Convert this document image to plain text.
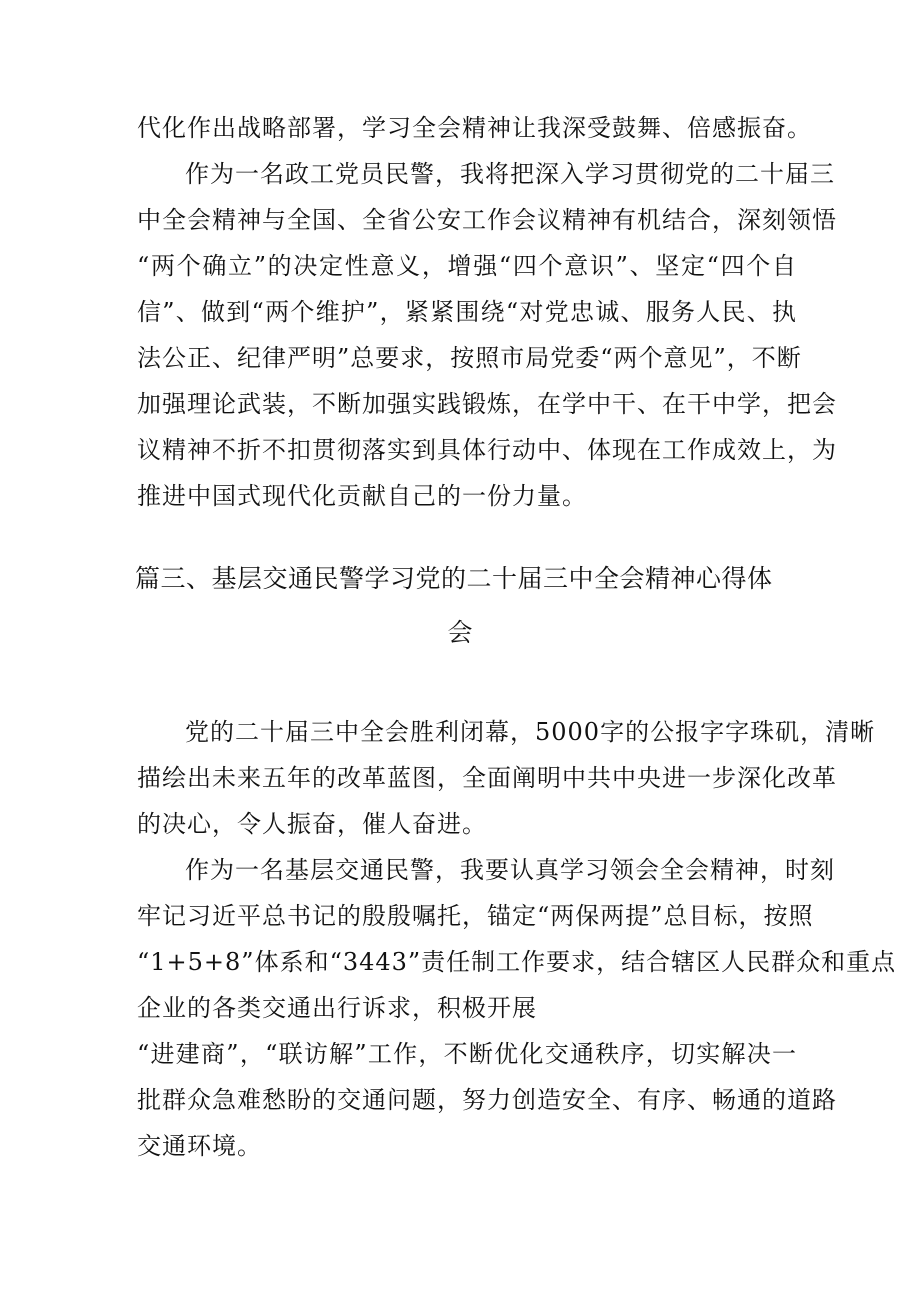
代化作出战略部署，学习全会精神让我深受鼓舞、倍感振奋。
作为一名政工党员民警，我将把深入学习贯彻党的二十届三
中全会精神与全国、全省公安工作会议精神有机结合，深刻领悟
“两个确立”的决定性意义，增强“四个意识”、坚定“四个自
信”、做到“两个维护”，紧紧围绕“对党忠诚、服务人民、执
法公正、纪律严明”总要求，按照市局党委“两个意见”，不断
加强理论武装，不断加强实践锻炼，在学中干、在干中学，把会
议精神不折不扣贯彻落实到具体行动中、体现在工作成效上，为
推进中国式现代化贡献自己的一份力量。
篇三、基层交通民警学习党的二十届三中全会精神心得体
会
党的二十届三中全会胜利闭幕，5000字的公报字字珠矶，清晰
描绘出未来五年的改革蓝图，全面阐明中共中央进一步深化改革
的决心，令人振奋，催人奋进。
作为一名基层交通民警，我要认真学习领会全会精神，时刻
牢记习近平总书记的殷殷嘱托，锚定“两保两提”总目标，按照
“1+5+8”体系和“3443”责任制工作要求，结合辖区人民群众和重点
企业的各类交通出行诉求，积极开展
“进建商”，“联访解”工作，不断优化交通秩序，切实解决一
批群众急难愁盼的交通问题，努力创造安全、有序、畅通的道路
交通环境。
